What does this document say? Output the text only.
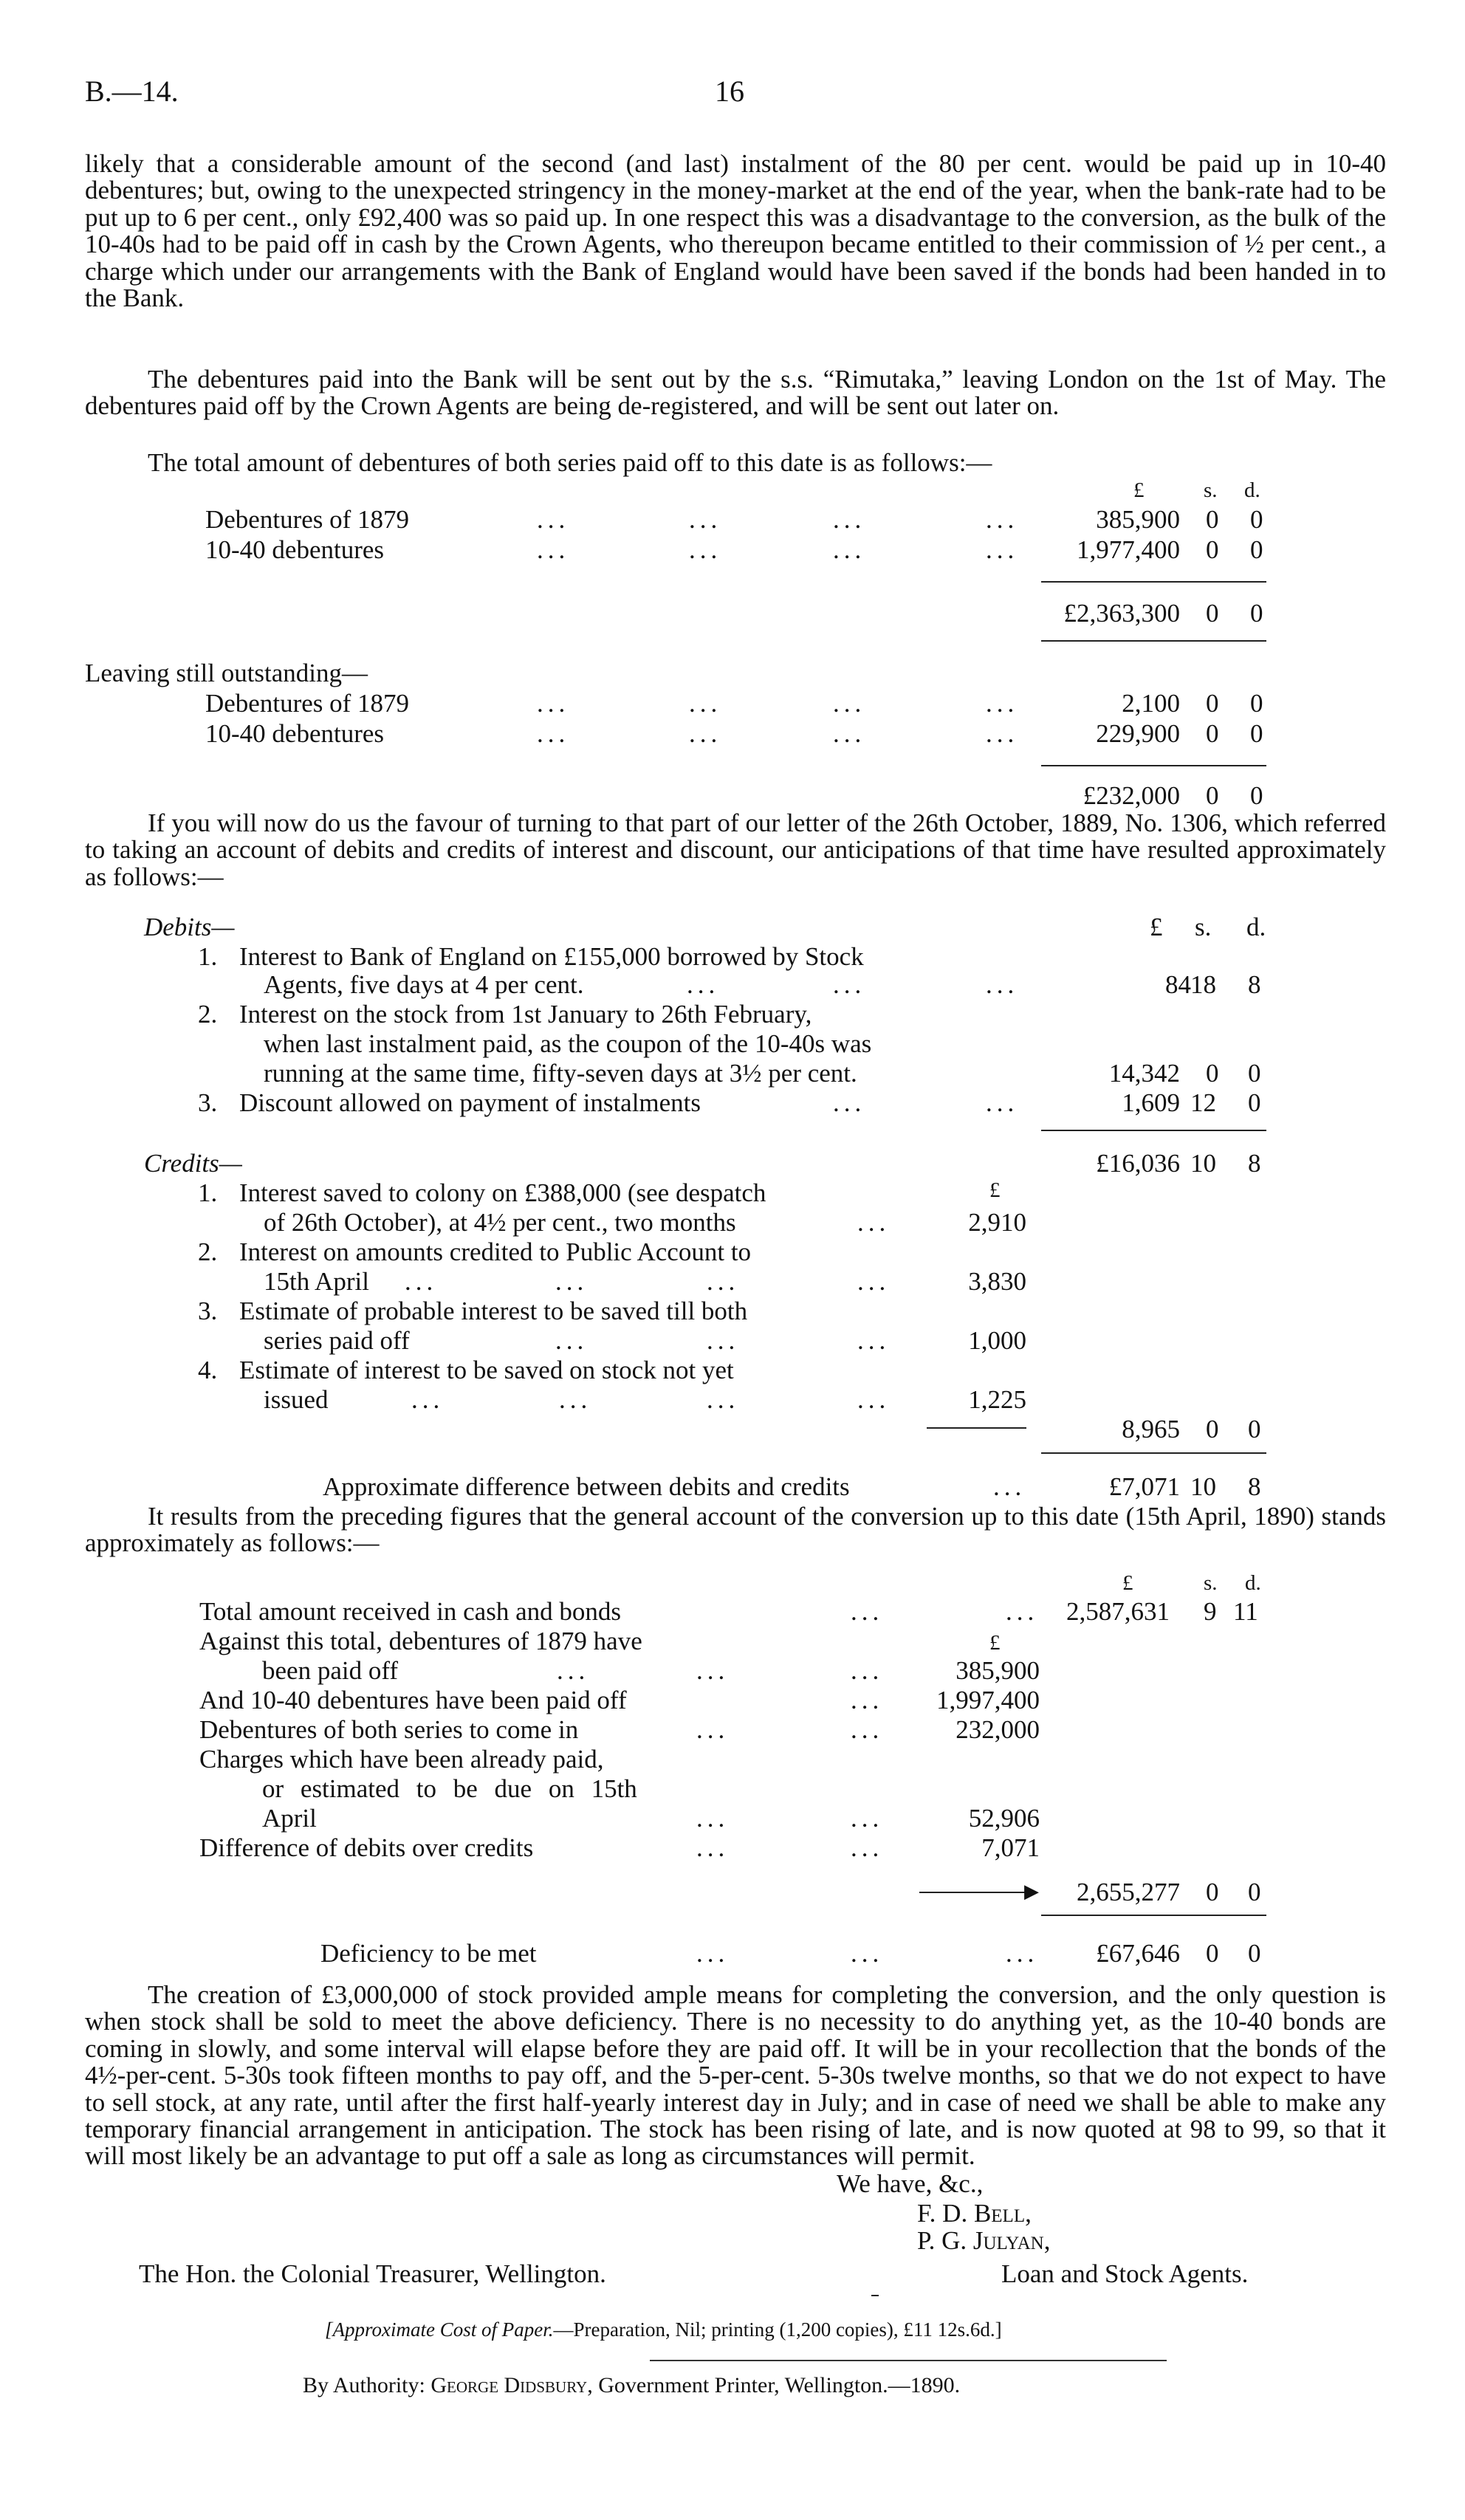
B.—14.	16
likely that a considerable amount of the second (and last) instalment of the 80 per cent. would be paid up in 10-40 debentures; but, owing to the unexpected stringency in the money-market at the end of the year, when the bank-rate had to be put up to 6 per cent., only £92,400 was so paid up. In one respect this was a disadvantage to the conversion, as the bulk of the 10-40s had to be paid off in cash by the Crown Agents, who thereupon became entitled to their commission of ½ per cent., a charge which under our arrangements with the Bank of England would have been saved if the bonds had been handed in to the Bank.
The debentures paid into the Bank will be sent out by the s.s. “Rimutaka,” leaving London on the 1st of May. The debentures paid off by the Crown Agents are being de-registered, and will be sent out later on.
The total amount of debentures of both series paid off to this date is as follows:—
£	s. d.
Debentures of 1879	...	...	...	...	385,900 0 0
10-40 debentures	...	...	...	... 1,977,400 0 0
£2,363,300 0 0
Leaving still outstanding—
Debentures of 1879	...	...	...	...	2,100 0 0
10-40 debentures	...	...	...	...	229,900 0 0
£232,000 0 0
If you will now do us the favour of turning to that part of our letter of the 26th October, 1889, No. 1306, which referred to taking an account of debits and credits of interest and discount, our anticipations of that time have resulted approximately as follows:—
Debits—	£ s. d.
1. Interest to Bank of England on £155,000 borrowed by Stock
Agents, five days at 4 per cent.	...	...	...	84 18 8
2. Interest on the stock from 1st January to 26th February,
when last instalment paid, as the coupon of the 10-40s was
running at the same time, fifty-seven days at 3½ per cent.	14,342 0 0
3. Discount allowed on payment of instalments	...	...	1,609 12 0
Credits—	£16,036 10 8
1. Interest saved to colony on £388,000 (see despatch	£
of 26th October), at 4½ per cent., two months	...	2,910
2. Interest on amounts credited to Public Account to
15th April ...	...	...	...	3,830
3. Estimate of probable interest to be saved till both
series paid off	...	...	...	1,000
4. Estimate of interest to be saved on stock not yet
issued	...	...	...	...	1,225
8,965 0 0
Approximate difference between debits and credits	...	£7,071 10 8
It results from the preceding figures that the general account of the conversion up to this date (15th April, 1890) stands approximately as follows:—
£	s. d.
Total amount received in cash and bonds	...	... 2,587,631 9 11
Against this total, debentures of 1879 have	£
been paid off	...	...	...	385,900
And 10-40 debentures have been paid off	... 1,997,400
Debentures of both series to come in	...	...	232,000
Charges which have been already paid,
or estimated to be due on 15th
April	...	...	52,906
Difference of debits over credits	...	...	7,071
▶ 2,655,277 0 0
Deficiency to be met	...	...	... £67,646 0 0
The creation of £3,000,000 of stock provided ample means for completing the conversion, and the only question is when stock shall be sold to meet the above deficiency. There is no necessity to do anything yet, as the 10-40 bonds are coming in slowly, and some interval will elapse before they are paid off. It will be in your recollection that the bonds of the 4½-per-cent. 5-30s took fifteen months to pay off, and the 5-per-cent. 5-30s twelve months, so that we do not expect to have to sell stock, at any rate, until after the first half-yearly interest day in July; and in case of need we shall be able to make any temporary financial arrangement in anticipation. The stock has been rising of late, and is now quoted at 98 to 99, so that it will most likely be an advantage to put off a sale as long as circumstances will permit.
We have, &c.,
F. D. Bell,
P. G. Julyan,
The Hon. the Colonial Treasurer, Wellington.	Loan and Stock Agents.
[Approximate Cost of Paper.—Preparation, Nil; printing (1,200 copies), £11 12s.6d.]
By Authority: George Didsbury, Government Printer, Wellington.—1890.
